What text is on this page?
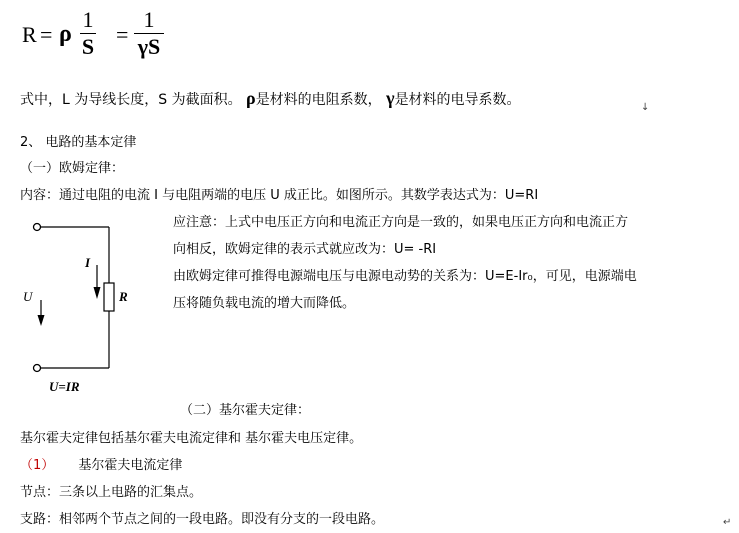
R = ρ
1
S =
1
γS
式中，L 为导线长度，S 为截面积。 ρ是材料的电阻系数， γ是材料的电导系数。	↓
2、 电路的基本定律
（一）欧姆定律：
内容：通过电阻的电流 I 与电阻两端的电压 U 成正比。如图所示。其数学表达式为：U=RI
应注意：上式中电压正方向和电流正方向是一致的，如果电压正方向和电流正方
向相反，欧姆定律的表示式就应改为：U= -RI
由欧姆定律可推得电源端电压与电源电动势的关系为：U=E-Ir₀，可见，电源端电
压将随负载电流的增大而降低。
I
U	R
U=IR
（二）基尔霍夫定律：
基尔霍夫定律包括基尔霍夫电流定律和 基尔霍夫电压定律。
（1） 基尔霍夫电流定律
节点：三条以上电路的汇集点。
支路：相邻两个节点之间的一段电路。即没有分支的一段电路。	↵
